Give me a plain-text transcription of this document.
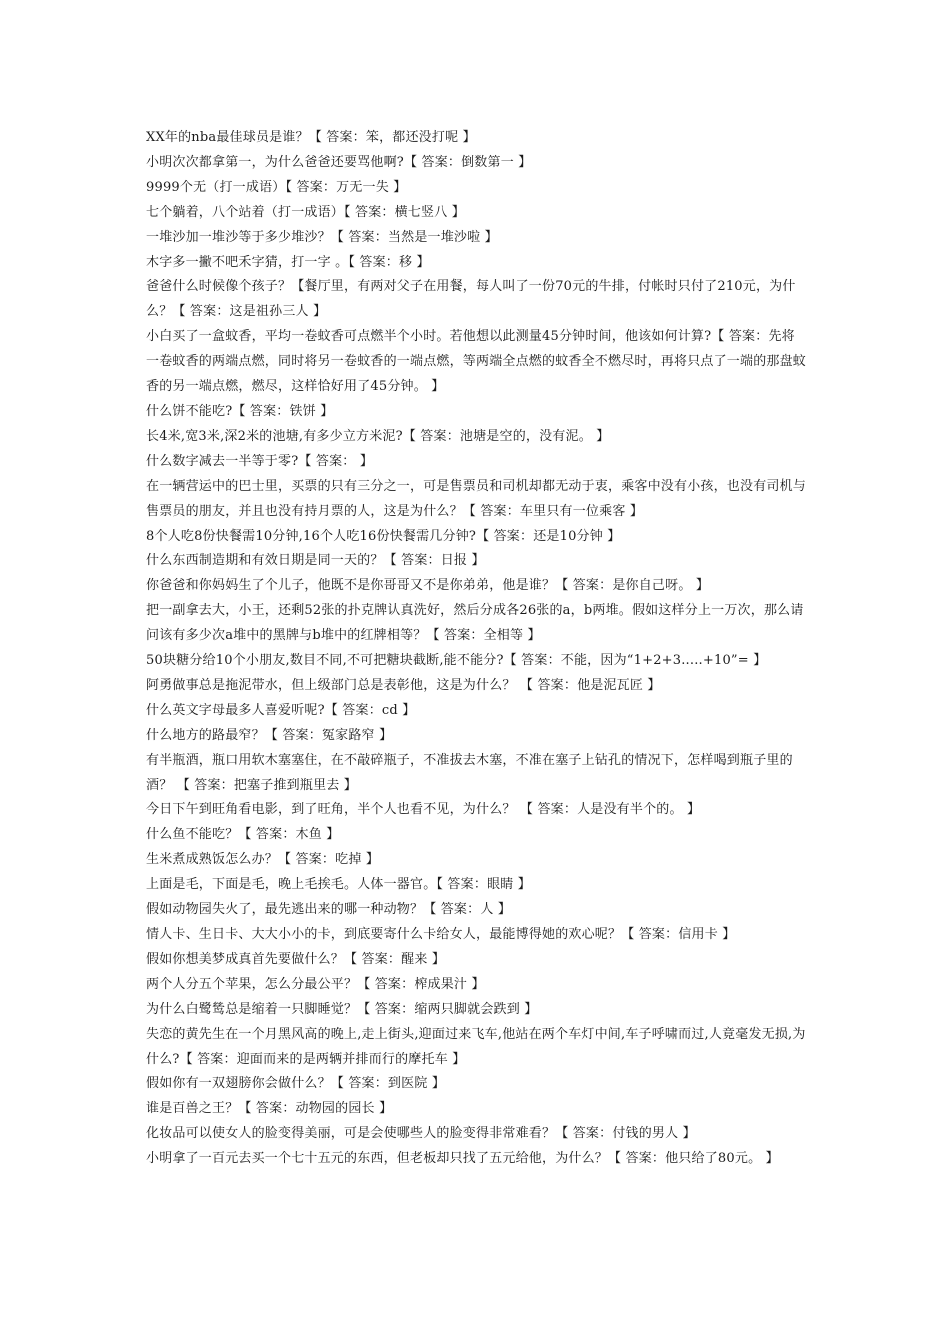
XX年的nba最佳球员是谁？【 答案：笨，都还没打呢 】

小明次次都拿第一，为什么爸爸还要骂他啊?【 答案：倒数第一 】

9999个无（打一成语）【 答案：万无一失 】

七个躺着，八个站着（打一成语）【 答案：横七竖八 】

一堆沙加一堆沙等于多少堆沙？【 答案：当然是一堆沙啦 】

木字多一撇不吧禾字猜，打一字 。【 答案：移 】

爸爸什么时候像个孩子？【餐厅里，有两对父子在用餐，每人叫了一份70元的牛排，付帐时只付了210元，为什么？【 答案：这是祖孙三人 】

小白买了一盒蚊香，平均一卷蚊香可点燃半个小时。若他想以此测量45分钟时间，他该如何计算?【 答案：先将一卷蚊香的两端点燃，同时将另一卷蚊香的一端点燃，等两端全点燃的蚊香全不燃尽时，再将只点了一端的那盘蚊香的另一端点燃，燃尽，这样恰好用了45分钟。 】

什么饼不能吃?【 答案：铁饼 】

长4米,宽3米,深2米的池塘,有多少立方米泥?【 答案：池塘是空的，没有泥。 】

什么数字减去一半等于零?【 答案： 】

在一辆营运中的巴士里，买票的只有三分之一，可是售票员和司机却都无动于衷，乘客中没有小孩，也没有司机与售票员的朋友，并且也没有持月票的人，这是为什么？【 答案：车里只有一位乘客 】

8个人吃8份快餐需10分钟,16个人吃16份快餐需几分钟?【 答案：还是10分钟 】

什么东西制造期和有效日期是同一天的？【 答案：日报 】

你爸爸和你妈妈生了个儿子，他既不是你哥哥又不是你弟弟，他是谁？【 答案：是你自己呀。 】

把一副拿去大，小王，还剩52张的扑克牌认真洗好，然后分成各26张的a，b两堆。假如这样分上一万次，那么请问该有多少次a堆中的黑牌与b堆中的红牌相等？【 答案：全相等 】

50块糖分给10个小朋友,数目不同,不可把糖块截断,能不能分?【 答案：不能，因为“1+2+3.....+10”= 】

阿勇做事总是拖泥带水，但上级部门总是表彰他，这是为什么？ 【 答案：他是泥瓦匠 】

什么英文字母最多人喜爱听呢?【 答案：cd 】

什么地方的路最窄？【 答案：冤家路窄 】

有半瓶酒，瓶口用软木塞塞住，在不敲碎瓶子，不准拔去木塞，不准在塞子上钻孔的情况下，怎样喝到瓶子里的酒？ 【 答案：把塞子推到瓶里去 】

今日下午到旺角看电影，到了旺角，半个人也看不见，为什么？ 【 答案：人是没有半个的。 】

什么鱼不能吃？【 答案：木鱼 】

生米煮成熟饭怎么办？【 答案：吃掉 】

上面是毛，下面是毛，晚上毛挨毛。人体一器官。【 答案：眼睛 】

假如动物园失火了，最先逃出来的哪一种动物？【 答案：人 】

情人卡、生日卡、大大小小的卡，到底要寄什么卡给女人，最能博得她的欢心呢？【 答案：信用卡 】

假如你想美梦成真首先要做什么？【 答案：醒来 】

两个人分五个苹果，怎么分最公平？【 答案：榨成果汁 】

为什么白鹭鸶总是缩着一只脚睡觉？【 答案：缩两只脚就会跌到 】

失恋的黄先生在一个月黑风高的晚上,走上街头,迎面过来飞车,他站在两个车灯中间,车子呼啸而过,人竟毫发无损,为什么?【 答案：迎面而来的是两辆并排而行的摩托车 】

假如你有一双翅膀你会做什么？【 答案：到医院 】

谁是百兽之王？【 答案：动物园的园长 】

化妆品可以使女人的脸变得美丽，可是会使哪些人的脸变得非常难看？【 答案：付钱的男人 】

小明拿了一百元去买一个七十五元的东西，但老板却只找了五元给他，为什么？【 答案：他只给了80元。 】
